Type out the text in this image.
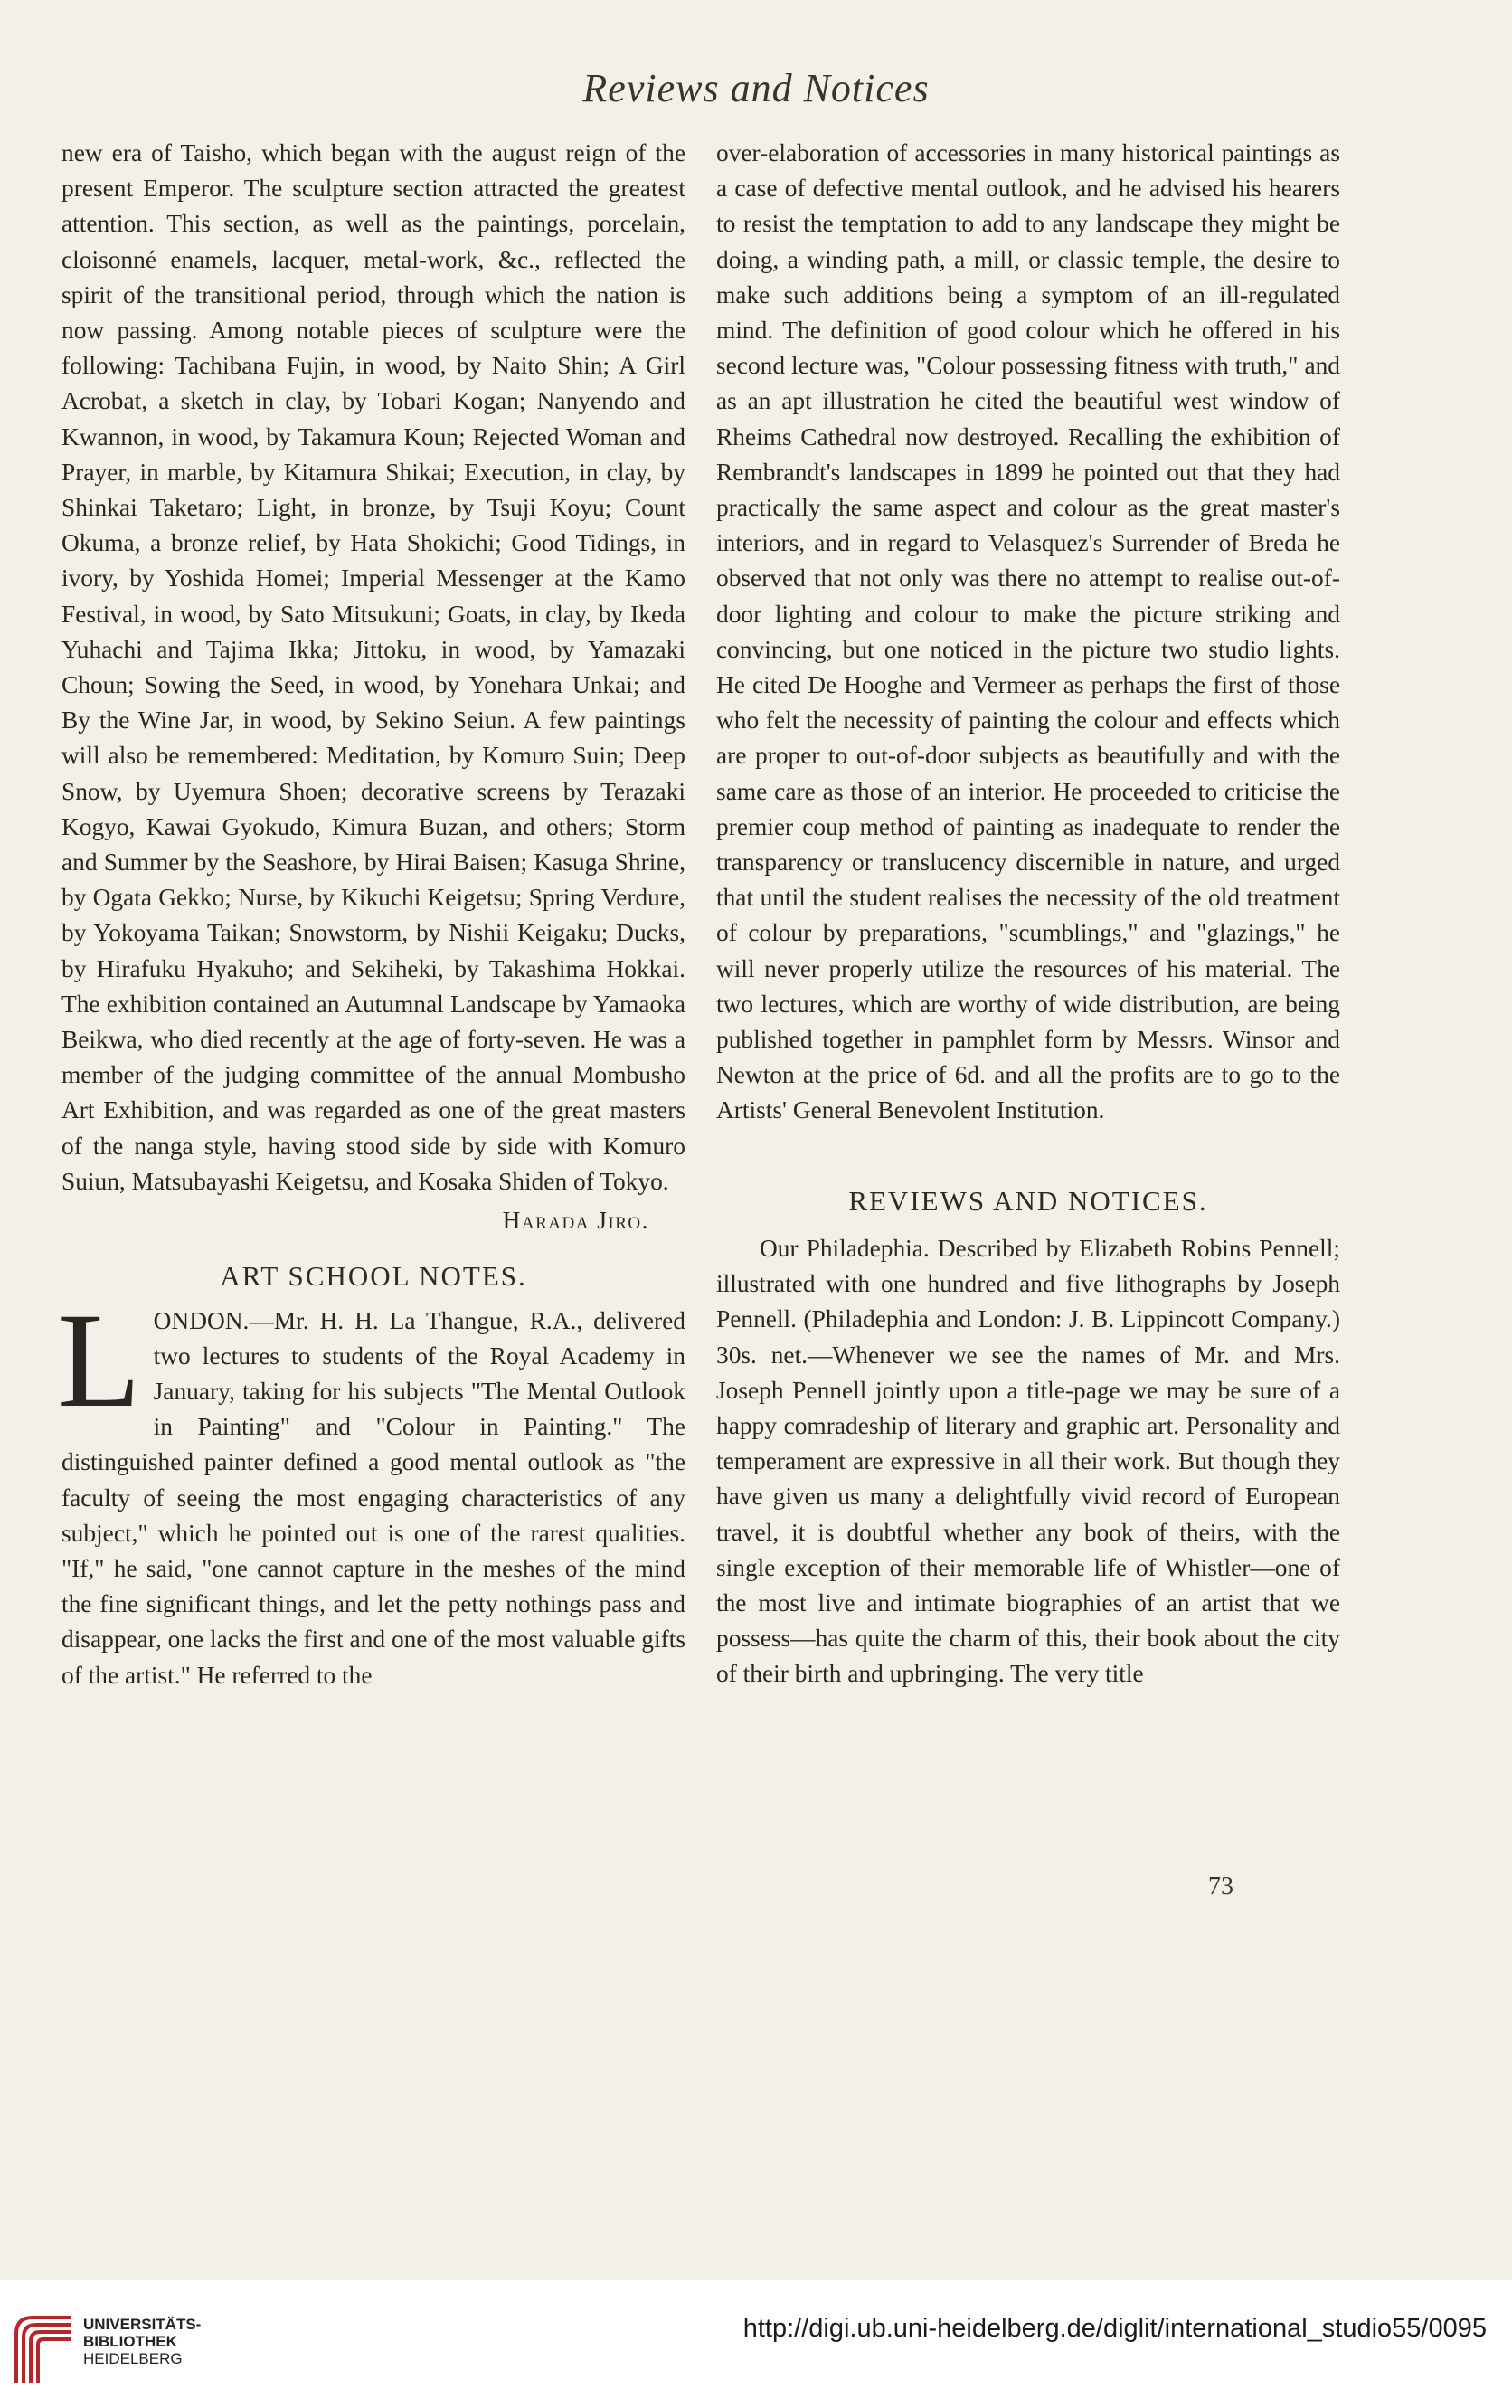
Reviews and Notices

new era of Taisho, which began with the august reign of the present Emperor. The sculpture section attracted the greatest attention. This section, as well as the paintings, porcelain, cloisonné enamels, lacquer, metal-work, &c., reflected the spirit of the transitional period, through which the nation is now passing. Among notable pieces of sculpture were the following: Tachibana Fujin, in wood, by Naito Shin; A Girl Acrobat, a sketch in clay, by Tobari Kogan; Nanyendo and Kwannon, in wood, by Takamura Koun; Rejected Woman and Prayer, in marble, by Kitamura Shikai; Execution, in clay, by Shinkai Taketaro; Light, in bronze, by Tsuji Koyu; Count Okuma, a bronze relief, by Hata Shokichi; Good Tidings, in ivory, by Yoshida Homei; Imperial Messenger at the Kamo Festival, in wood, by Sato Mitsukuni; Goats, in clay, by Ikeda Yuhachi and Tajima Ikka; Jittoku, in wood, by Yamazaki Choun; Sowing the Seed, in wood, by Yonehara Unkai; and By the Wine Jar, in wood, by Sekino Seiun. A few paintings will also be remembered: Meditation, by Komuro Suin; Deep Snow, by Uyemura Shoen; decorative screens by Terazaki Kogyo, Kawai Gyokudo, Kimura Buzan, and others; Storm and Summer by the Seashore, by Hirai Baisen; Kasuga Shrine, by Ogata Gekko; Nurse, by Kikuchi Keigetsu; Spring Verdure, by Yokoyama Taikan; Snowstorm, by Nishii Keigaku; Ducks, by Hirafuku Hyakuho; and Sekiheki, by Takashima Hokkai. The exhibition contained an Autumnal Landscape by Yamaoka Beikwa, who died recently at the age of forty-seven. He was a member of the judging committee of the annual Mombusho Art Exhibition, and was regarded as one of the great masters of the nanga style, having stood side by side with Komuro Suiun, Matsubayashi Keigetsu, and Kosaka Shiden of Tokyo.

Harada Jiro.

ART SCHOOL NOTES.

LONDON.—Mr. H. H. La Thangue, R.A., delivered two lectures to students of the Royal Academy in January, taking for his subjects "The Mental Outlook in Painting" and "Colour in Painting." The distinguished painter defined a good mental outlook as "the faculty of seeing the most engaging characteristics of any subject," which he pointed out is one of the rarest qualities. "If," he said, "one cannot capture in the meshes of the mind the fine significant things, and let the petty nothings pass and disappear, one lacks the first and one of the most valuable gifts of the artist." He referred to the

over-elaboration of accessories in many historical paintings as a case of defective mental outlook, and he advised his hearers to resist the temptation to add to any landscape they might be doing, a winding path, a mill, or classic temple, the desire to make such additions being a symptom of an ill-regulated mind. The definition of good colour which he offered in his second lecture was, "Colour possessing fitness with truth," and as an apt illustration he cited the beautiful west window of Rheims Cathedral now destroyed. Recalling the exhibition of Rembrandt's landscapes in 1899 he pointed out that they had practically the same aspect and colour as the great master's interiors, and in regard to Velasquez's Surrender of Breda he observed that not only was there no attempt to realise out-of-door lighting and colour to make the picture striking and convincing, but one noticed in the picture two studio lights. He cited De Hooghe and Vermeer as perhaps the first of those who felt the necessity of painting the colour and effects which are proper to out-of-door subjects as beautifully and with the same care as those of an interior. He proceeded to criticise the premier coup method of painting as inadequate to render the transparency or translucency discernible in nature, and urged that until the student realises the necessity of the old treatment of colour by preparations, "scumblings," and "glazings," he will never properly utilize the resources of his material. The two lectures, which are worthy of wide distribution, are being published together in pamphlet form by Messrs. Winsor and Newton at the price of 6d. and all the profits are to go to the Artists' General Benevolent Institution.

REVIEWS AND NOTICES.

Our Philadephia. Described by Elizabeth Robins Pennell; illustrated with one hundred and five lithographs by Joseph Pennell. (Philadephia and London: J. B. Lippincott Company.) 30s. net.—Whenever we see the names of Mr. and Mrs. Joseph Pennell jointly upon a title-page we may be sure of a happy comradeship of literary and graphic art. Personality and temperament are expressive in all their work. But though they have given us many a delightfully vivid record of European travel, it is doubtful whether any book of theirs, with the single exception of their memorable life of Whistler—one of the most live and intimate biographies of an artist that we possess—has quite the charm of this, their book about the city of their birth and upbringing. The very title

73
UNIVERSITÄTS-
BIBLIOTHEK
HEIDELBERG
http://digi.ub.uni-heidelberg.de/diglit/international_studio55/0095
